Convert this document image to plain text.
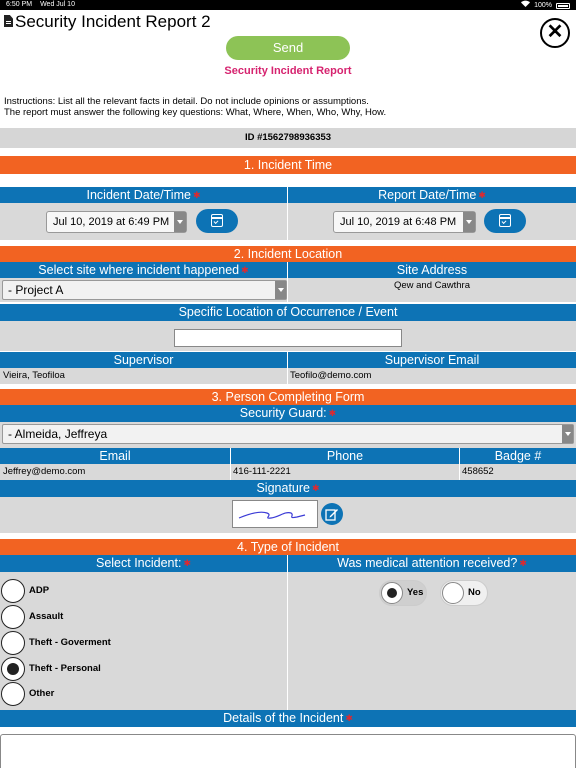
6:50 PM Wed Jul 10	100%
Security Incident Report 2
Send
✕
Security Incident Report
Instructions: List all the relevant facts in detail. Do not include opinions or assumptions.
The report must answer the following key questions: What, Where, When, Who, Why, How.
ID #1562798936353
1. Incident Time
Incident Date/Time ✱	Report Date/Time ✱
Jul 10, 2019 at 6:49 PM	Jul 10, 2019 at 6:48 PM
2. Incident Location
Select site where incident happened ✱	Site Address
- Project A	Qew and Cawthra
Specific Location of Occurrence / Event
Supervisor	Supervisor Email
Vieira, Teofiloa	Teofilo@demo.com
3. Person Completing Form
Security Guard: ✱
- Almeida, Jeffreya
Email	Phone	Badge #
Jeffrey@demo.com	416-111-2221	458652
Signature ✱
4. Type of Incident
Select Incident: ✱	Was medical attention received? ✱
ADP
Assault
Theft - Goverment
Theft - Personal
Other
Yes	No
Details of the Incident ✱
